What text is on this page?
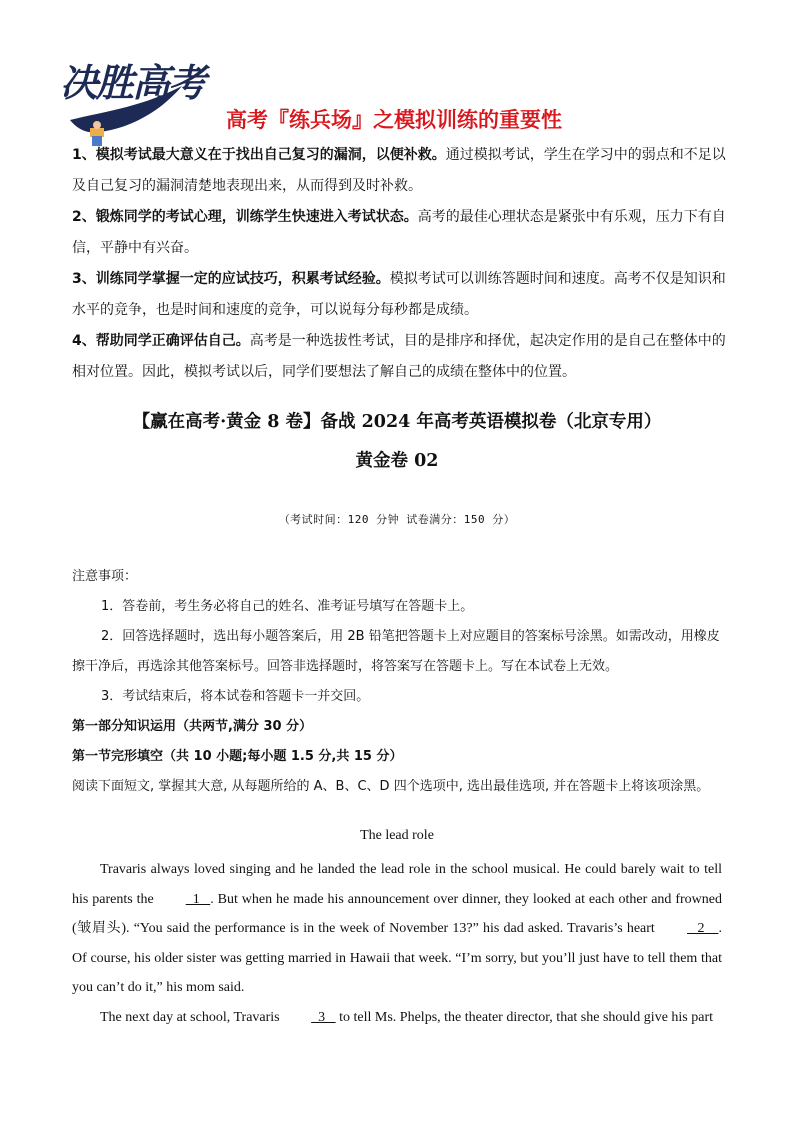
决胜高考
高考『练兵场』之模拟训练的重要性

1、模拟考试最大意义在于找出自己复习的漏洞，以便补救。通过模拟考试，学生在学习中的弱点和不足以及自己复习的漏洞清楚地表现出来，从而得到及时补救。

2、锻炼同学的考试心理，训练学生快速进入考试状态。高考的最佳心理状态是紧张中有乐观，压力下有自信，平静中有兴奋。

3、训练同学掌握一定的应试技巧，积累考试经验。模拟考试可以训练答题时间和速度。高考不仅是知识和水平的竞争，也是时间和速度的竞争，可以说每分每秒都是成绩。

4、帮助同学正确评估自己。高考是一种选拔性考试，目的是排序和择优，起决定作用的是自己在整体中的相对位置。因此，模拟考试以后，同学们要想法了解自己的成绩在整体中的位置。

【赢在高考·黄金 8 卷】备战 2024 年高考英语模拟卷（北京专用）
黄金卷 02
（考试时间：120 分钟 试卷满分：150 分）

注意事项：

1．答卷前，考生务必将自己的姓名、准考证号填写在答题卡上。

2．回答选择题时，选出每小题答案后，用 2B 铅笔把答题卡上对应题目的答案标号涂黑。如需改动，用橡皮擦干净后，再选涂其他答案标号。回答非选择题时，将答案写在答题卡上。写在本试卷上无效。

3．考试结束后，将本试卷和答题卡一并交回。

第一部分知识运用（共两节,满分 30 分）

第一节完形填空（共 10 小题;每小题 1.5 分,共 15 分）

阅读下面短文, 掌握其大意, 从每题所给的 A、B、C、D 四个选项中, 选出最佳选项, 并在答题卡上将该项涂黑。

The lead role

Travaris always loved singing and he landed the lead role in the school musical. He could barely wait to tell his parents the   1   . But when he made his announcement over dinner, they looked at each other and frowned (皱眉头). “You said the performance is in the week of November 13?” his dad asked. Travaris’s heart    2    . Of course, his older sister was getting married in Hawaii that week. “I’m sorry, but you’ll just have to tell them that you can’t do it,” his mom said.

The next day at school, Travaris   3    to tell Ms. Phelps, the theater director, that she should give his part
